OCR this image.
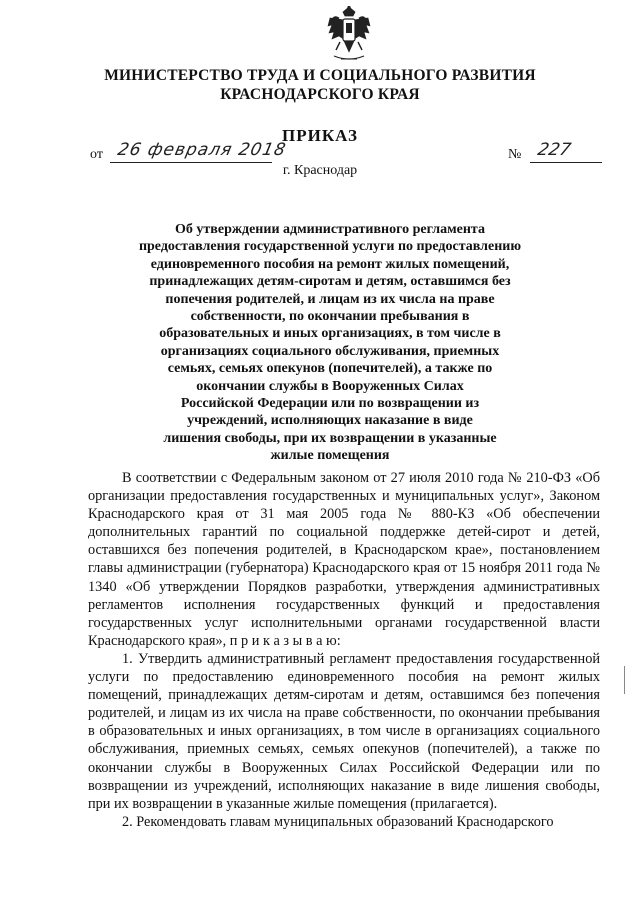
МИНИСТЕРСТВО ТРУДА И СОЦИАЛЬНОГО РАЗВИТИЯ
КРАСНОДАРСКОГО КРАЯ
ПРИКАЗ
от 26 февраля 2018	№ 227
г. Краснодар
Об утверждении административного регламента
предоставления государственной услуги по предоставлению
единовременного пособия на ремонт жилых помещений,
принадлежащих детям-сиротам и детям, оставшимся без
попечения родителей, и лицам из их числа на праве
собственности, по окончании пребывания в
образовательных и иных организациях, в том числе в
организациях социального обслуживания, приемных
семьях, семьях опекунов (попечителей), а также по
окончании службы в Вооруженных Силах
Российской Федерации или по возвращении из
учреждений, исполняющих наказание в виде
лишения свободы, при их возвращении в указанные
жилые помещения

В соответствии с Федеральным законом от 27 июля 2010 года № 210-ФЗ «Об организации предоставления государственных и муниципальных услуг», Законом Краснодарского края от 31 мая 2005 года № 880-КЗ «Об обеспечении дополнительных гарантий по социальной поддержке детей-сирот и детей, оставшихся без попечения родителей, в Краснодарском крае», постановлением главы администрации (губернатора) Краснодарского края от 15 ноября 2011 года № 1340 «Об утверждении Порядков разработки, утверждения административных регламентов исполнения государственных функций и предоставления государственных услуг исполнительными органами государственной власти Краснодарского края», п р и к а з ы в а ю:

1. Утвердить административный регламент предоставления государственной услуги по предоставлению единовременного пособия на ремонт жилых помещений, принадлежащих детям-сиротам и детям, оставшимся без попечения родителей, и лицам из их числа на праве собственности, по окончании пребывания в образовательных и иных организациях, в том числе в организациях социального обслуживания, приемных семьях, семьях опекунов (попечителей), а также по окончании службы в Вооруженных Силах Российской Федерации или по возвращении из учреждений, исполняющих наказание в виде лишения свободы, при их возвращении в указанные жилые помещения (прилагается).

2. Рекомендовать главам муниципальных образований Краснодарского
